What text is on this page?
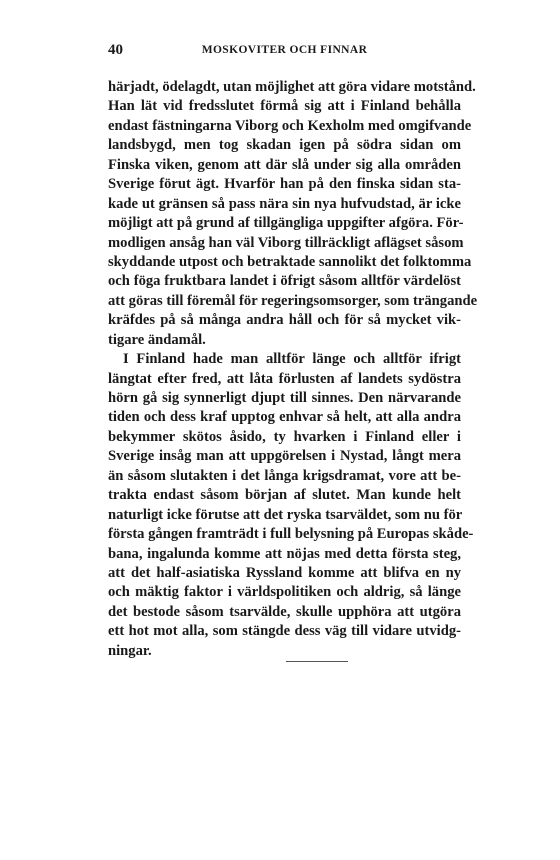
40	MOSKOVITER OCH FINNAR
härjadt, ödelagdt, utan möjlighet att göra vidare motstånd.
Han lät vid fredsslutet förmå sig att i Finland behålla
endast fästningarna Viborg och Kexholm med omgifvande
landsbygd, men tog skadan igen på södra sidan om
Finska viken, genom att där slå under sig alla områden
Sverige förut ägt. Hvarför han på den finska sidan sta-
kade ut gränsen så pass nära sin nya hufvudstad, är icke
möjligt att på grund af tillgängliga uppgifter afgöra. För-
modligen ansåg han väl Viborg tillräckligt aflägset såsom
skyddande utpost och betraktade sannolikt det folktomma
och föga fruktbara landet i öfrigt såsom alltför värdelöst
att göras till föremål för regeringsomsorger, som trängande
kräfdes på så många andra håll och för så mycket vik-
tigare ändamål.
I Finland hade man alltför länge och alltför ifrigt
längtat efter fred, att låta förlusten af landets sydöstra
hörn gå sig synnerligt djupt till sinnes. Den närvarande
tiden och dess kraf upptog enhvar så helt, att alla andra
bekymmer skötos åsido, ty hvarken i Finland eller i
Sverige insåg man att uppgörelsen i Nystad, långt mera
än såsom slutakten i det långa krigsdramat, vore att be-
trakta endast såsom början af slutet. Man kunde helt
naturligt icke förutse att det ryska tsarväldet, som nu för
första gången framträdt i full belysning på Europas skåde-
bana, ingalunda komme att nöjas med detta första steg,
att det half-asiatiska Ryssland komme att blifva en ny
och mäktig faktor i världspolitiken och aldrig, så länge
det bestode såsom tsarvälde, skulle upphöra att utgöra
ett hot mot alla, som stängde dess väg till vidare utvidg-
ningar.
